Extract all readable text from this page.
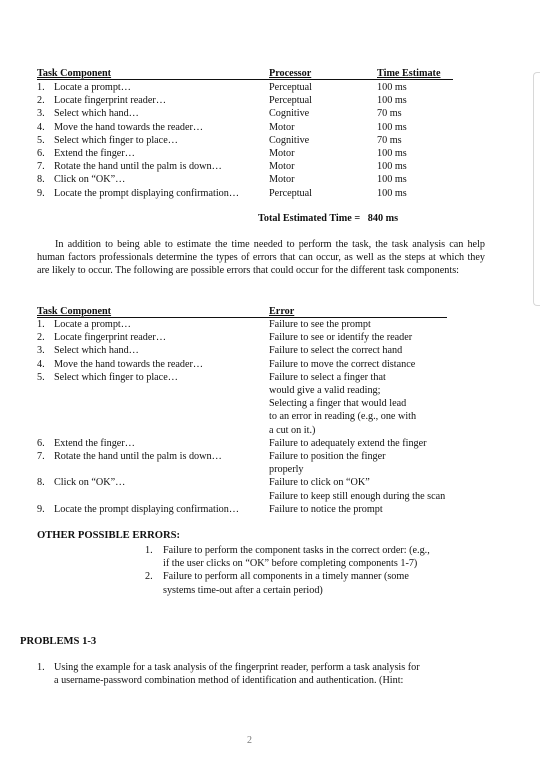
Task Component	Processor	Time Estimate
1. Locate a prompt…	Perceptual	100 ms
2. Locate fingerprint reader…	Perceptual	100 ms
3. Select which hand…	Cognitive	70 ms
4. Move the hand towards the reader…	Motor	100 ms
5. Select which finger to place…	Cognitive	70 ms
6. Extend the finger…	Motor	100 ms
7. Rotate the hand until the palm is down…	Motor	100 ms
8. Click on “OK”…	Motor	100 ms
9. Locate the prompt displaying confirmation…	Perceptual	100 ms
Total Estimated Time = 840 ms
In addition to being able to estimate the time needed to perform the task, the task analysis can help human factors professionals determine the types of errors that can occur, as well as the steps at which they are likely to occur. The following are possible errors that could occur for the different task components:
Task Component	Error
1. Locate a prompt…	Failure to see the prompt
2. Locate fingerprint reader…	Failure to see or identify the reader
3. Select which hand…	Failure to select the correct hand
4. Move the hand towards the reader…	Failure to move the correct distance
5. Select which finger to place…	Failure to select a finger that
would give a valid reading;
Selecting a finger that would lead
to an error in reading (e.g., one with
a cut on it.)
6. Extend the finger…	Failure to adequately extend the finger
7. Rotate the hand until the palm is down…	Failure to position the finger
properly
8. Click on “OK”…	Failure to click on “OK”
Failure to keep still enough during the scan
9. Locate the prompt displaying confirmation…	Failure to notice the prompt
OTHER POSSIBLE ERRORS:
1. Failure to perform the component tasks in the correct order: (e.g.,
if the user clicks on “OK” before completing components 1-7)
2. Failure to perform all components in a timely manner (some
systems time-out after a certain period)
PROBLEMS 1-3
1. Using the example for a task analysis of the fingerprint reader, perform a task analysis for
a username-password combination method of identification and authentication. (Hint:
2
